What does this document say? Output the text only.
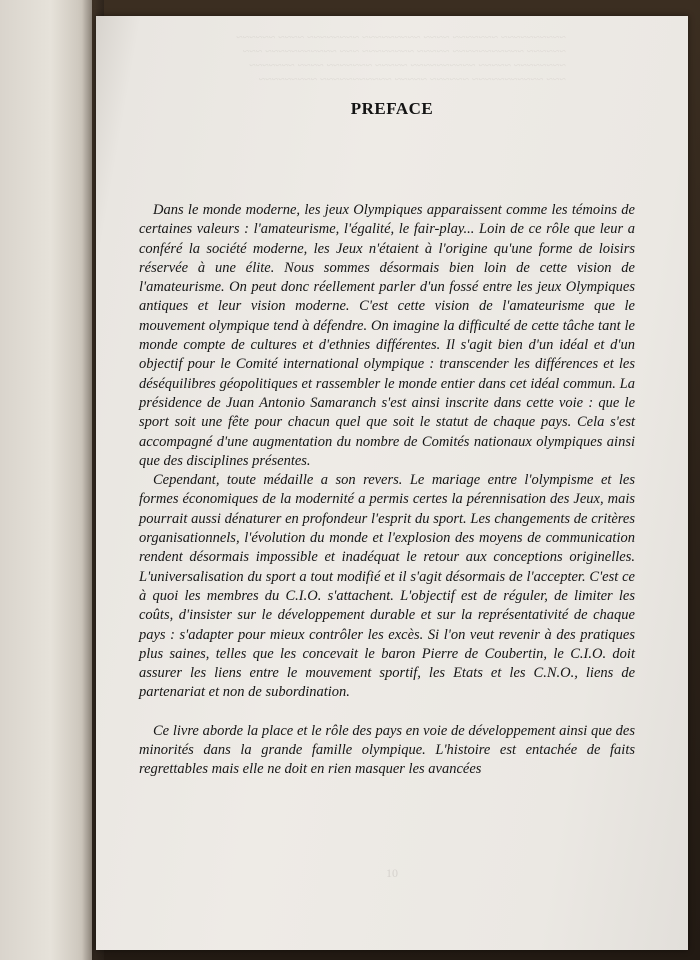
~~~~~~~~~~ ~~~~~~~ ~~~~ ~~~~~~~~~ ~~~~~~~~ ~~~~ ~~~~~~
~~~~~~ ~~~~~~~~~~~ ~~~~~ ~~~~~~~~ ~~~ ~~~~~~~~~~~ ~~~
~~~~~~~~ ~~~~~ ~~~~~~~~~~ ~~~~~ ~~~~~~~ ~~~~ ~~~~~~~
~~~ ~~~~~~~~~~~ ~~~~~~ ~~~~~ ~~~~~~~~~~~ ~~~~~~~~~
PREFACE

Dans le monde moderne, les jeux Olympiques apparaissent comme les témoins de certaines valeurs : l'amateurisme, l'égalité, le fair-play... Loin de ce rôle que leur a conféré la société moderne, les Jeux n'étaient à l'origine qu'une forme de loisirs réservée à une élite. Nous sommes désormais bien loin de cette vision de l'amateurisme. On peut donc réellement parler d'un fossé entre les jeux Olympiques antiques et leur vision moderne. C'est cette vision de l'amateurisme que le mouvement olympique tend à défendre. On imagine la difficulté de cette tâche tant le monde compte de cultures et d'ethnies différentes. Il s'agit bien d'un idéal et d'un objectif pour le Comité international olympique : transcender les différences et les déséquilibres géopolitiques et rassembler le monde entier dans cet idéal commun. La présidence de Juan Antonio Samaranch s'est ainsi inscrite dans cette voie : que le sport soit une fête pour chacun quel que soit le statut de chaque pays. Cela s'est accompagné d'une augmentation du nombre de Comités nationaux olympiques ainsi que des disciplines présentes.

Cependant, toute médaille a son revers. Le mariage entre l'olympisme et les formes économiques de la modernité a permis certes la pérennisation des Jeux, mais pourrait aussi dénaturer en profondeur l'esprit du sport. Les changements de critères organisationnels, l'évolution du monde et l'explosion des moyens de communication rendent désormais impossible et inadéquat le retour aux conceptions originelles. L'universalisation du sport a tout modifié et il s'agit désormais de l'accepter. C'est ce à quoi les membres du C.I.O. s'attachent. L'objectif est de réguler, de limiter les coûts, d'insister sur le développement durable et sur la représentativité de chaque pays : s'adapter pour mieux contrôler les excès. Si l'on veut revenir à des pratiques plus saines, telles que les concevait le baron Pierre de Coubertin, le C.I.O. doit assurer les liens entre le mouvement sportif, les Etats et les C.N.O., liens de partenariat et non de subordination.

Ce livre aborde la place et le rôle des pays en voie de développement ainsi que des minorités dans la grande famille olympique. L'histoire est entachée de faits regrettables mais elle ne doit en rien masquer les avancées

10
